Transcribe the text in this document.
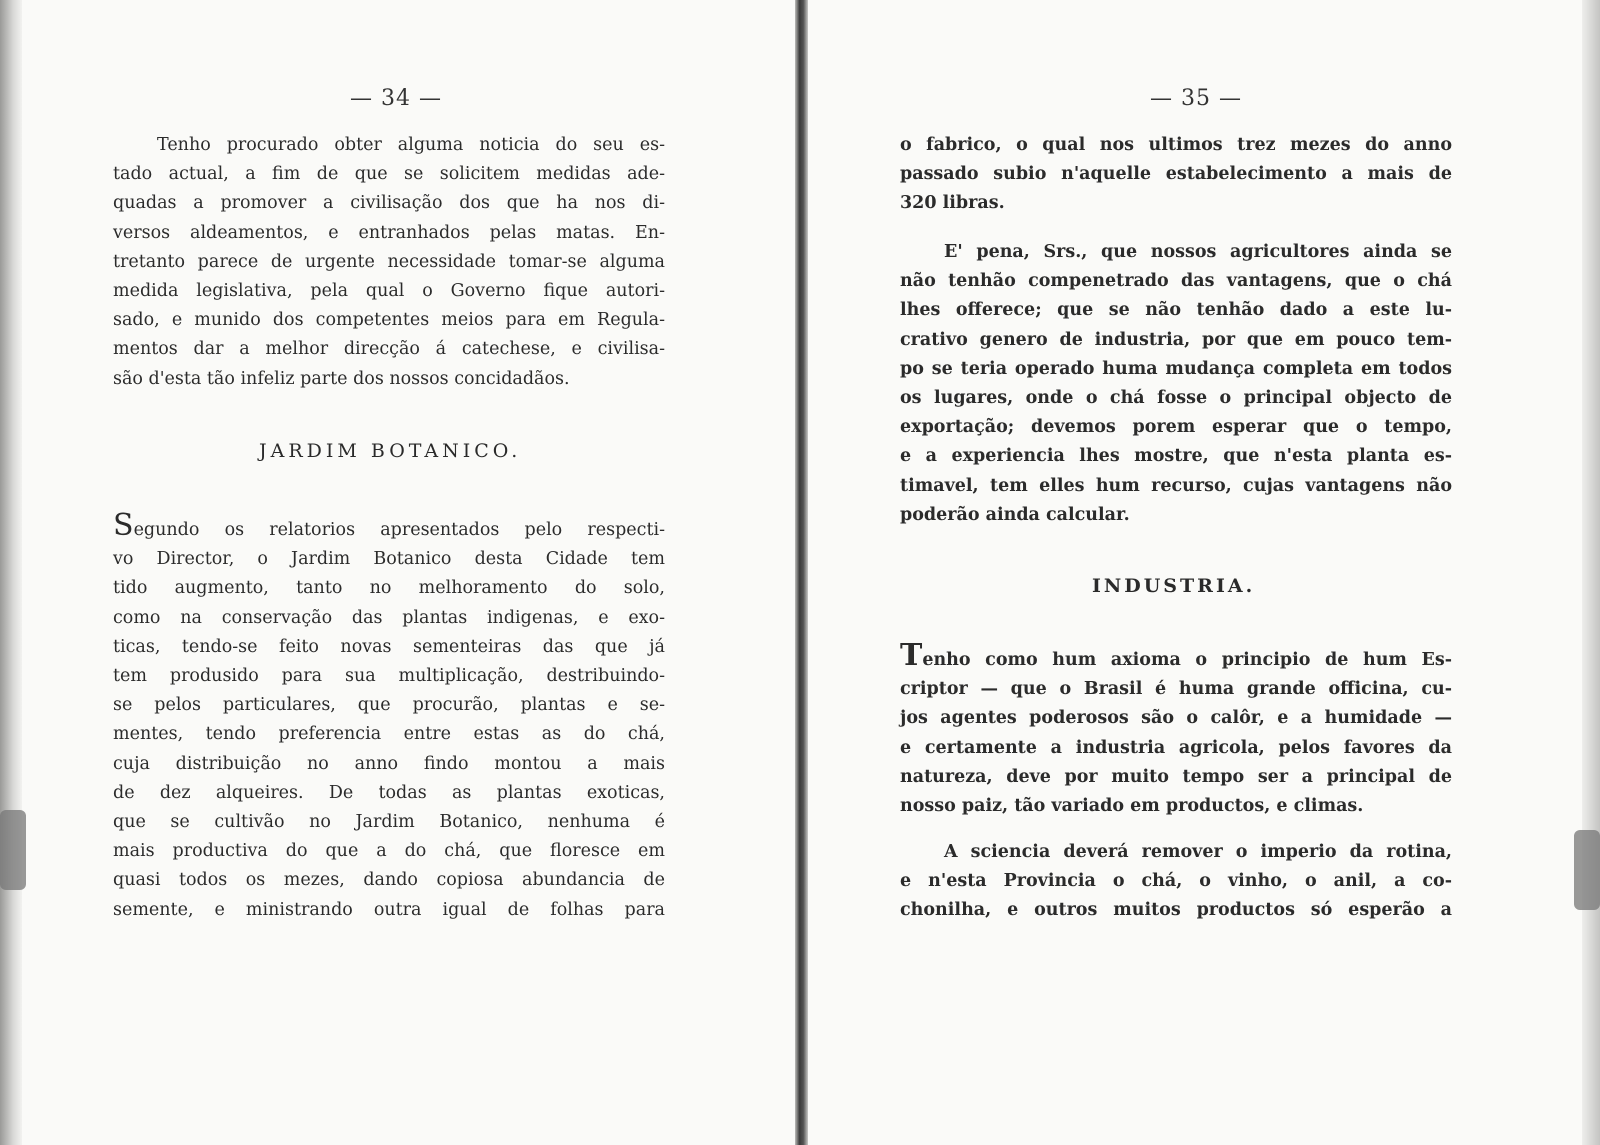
— 34 —
Tenho procurado obter alguma noticia do seu es-
tado actual, a fim de que se solicitem medidas ade-
quadas a promover a civilisação dos que ha nos di-
versos aldeamentos, e entranhados pelas matas. En-
tretanto parece de urgente necessidade tomar-se alguma
medida legislativa, pela qual o Governo fique autori-
sado, e munido dos competentes meios para em Regula-
mentos dar a melhor direcção á catechese, e civilisa-
são d'esta tão infeliz parte dos nossos concidadãos.
JARDIM BOTANICO.
Segundo os relatorios apresentados pelo respecti-
vo Director, o Jardim Botanico desta Cidade tem
tido augmento, tanto no melhoramento do solo,
como na conservação das plantas indigenas, e exo-
ticas, tendo-se feito novas sementeiras das que já
tem produsido para sua multiplicação, destribuindo-
se pelos particulares, que procurão, plantas e se-
mentes, tendo preferencia entre estas as do chá,
cuja distribuição no anno findo montou a mais
de dez alqueires. De todas as plantas exoticas,
que se cultivão no Jardim Botanico, nenhuma é
mais productiva do que a do chá, que floresce em
quasi todos os mezes, dando copiosa abundancia de
semente, e ministrando outra igual de folhas para
— 35 —
o fabrico, o qual nos ultimos trez mezes do anno
passado subio n'aquelle estabelecimento a mais de
320 libras.
E' pena, Srs., que nossos agricultores ainda se
não tenhão compenetrado das vantagens, que o chá
lhes offerece; que se não tenhão dado a este lu-
crativo genero de industria, por que em pouco tem-
po se teria operado huma mudança completa em todos
os lugares, onde o chá fosse o principal objecto de
exportação; devemos porem esperar que o tempo,
e a experiencia lhes mostre, que n'esta planta es-
timavel, tem elles hum recurso, cujas vantagens não
poderão ainda calcular.
INDUSTRIA.
Tenho como hum axioma o principio de hum Es-
criptor — que o Brasil é huma grande officina, cu-
jos agentes poderosos são o calôr, e a humidade —
e certamente a industria agricola, pelos favores da
natureza, deve por muito tempo ser a principal de
nosso paiz, tão variado em productos, e climas.
A sciencia deverá remover o imperio da rotina,
e n'esta Provincia o chá, o vinho, o anil, a co-
chonilha, e outros muitos productos só esperão a
